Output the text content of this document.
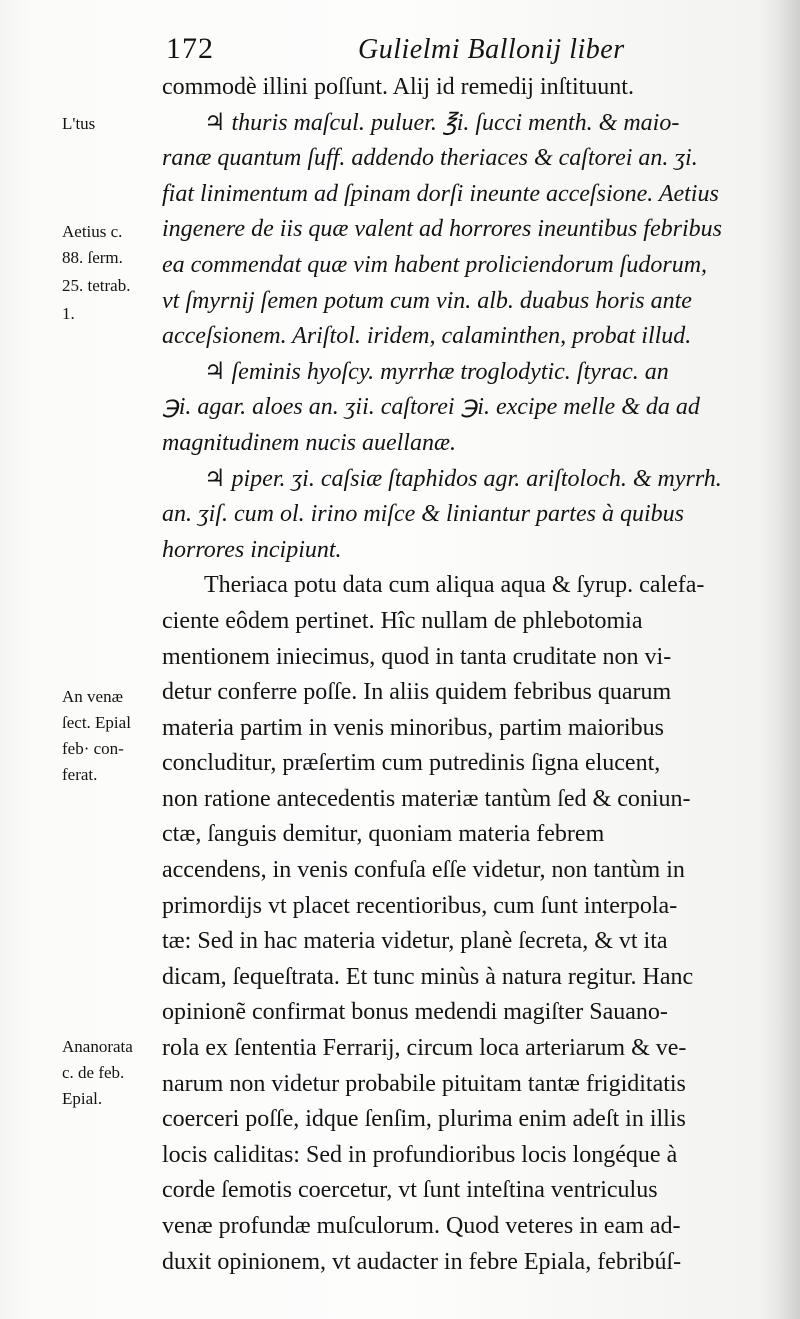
172	Gulielmi Ballonij liber
L'tus
Aetius c.
88. ſerm.
25. tetrab.
1.
An venæ
ſect. Epial
feb· con-
ferat.
Ananorata
c. de feb.
Epial.
commodè illini poſſunt. Alij id remedij inſtituunt.
♃ thuris maſcul. puluer. ℥i. ſucci menth. & maio-
ranæ quantum ſuff. addendo theriaces & caſtorei an. ʒi.
fiat linimentum ad ſpinam dorſi ineunte acceſsione. Aetius
ingenere de iis quæ valent ad horrores ineuntibus febribus
ea commendat quæ vim habent proliciendorum ſudorum,
vt ſmyrnij ſemen potum cum vin. alb. duabus horis ante
acceſsionem. Ariſtol. iridem, calaminthen, probat illud.
♃ ſeminis hyoſcy. myrrhæ troglodytic. ſtyrac. an
℈i. agar. aloes an. ʒii. caſtorei ℈i. excipe melle & da ad
magnitudinem nucis auellanæ.
♃ piper. ʒi. caſsiæ ſtaphidos agr. ariſtoloch. & myrrh.
an. ʒiſ. cum ol. irino miſce & liniantur partes à quibus
horrores incipiunt.
Theriaca potu data cum aliqua aqua & ſyrup. calefa-
ciente eôdem pertinet. Hîc nullam de phlebotomia
mentionem iniecimus, quod in tanta cruditate non vi-
detur conferre poſſe. In aliis quidem febribus quarum
materia partim in venis minoribus, partim maioribus
concluditur, præſertim cum putredinis ſigna elucent,
non ratione antecedentis materiæ tantùm ſed & coniun-
ctæ, ſanguis demitur, quoniam materia febrem
accendens, in venis confuſa eſſe videtur, non tantùm in
primordijs vt placet recentioribus, cum ſunt interpola-
tæ: Sed in hac materia videtur, planè ſecreta, & vt ita
dicam, ſequeſtrata. Et tunc minùs à natura regitur. Hanc
opinionẽ confirmat bonus medendi magiſter Sauano-
rola ex ſententia Ferrarij, circum loca arteriarum & ve-
narum non videtur probabile pituitam tantæ frigiditatis
coerceri poſſe, idque ſenſim, plurima enim adeſt in illis
locis caliditas: Sed in profundioribus locis longéque à
corde ſemotis coercetur, vt ſunt inteſtina ventriculus
venæ profundæ muſculorum. Quod veteres in eam ad-
duxit opinionem, vt audacter in febre Epiala, febribúſ-
